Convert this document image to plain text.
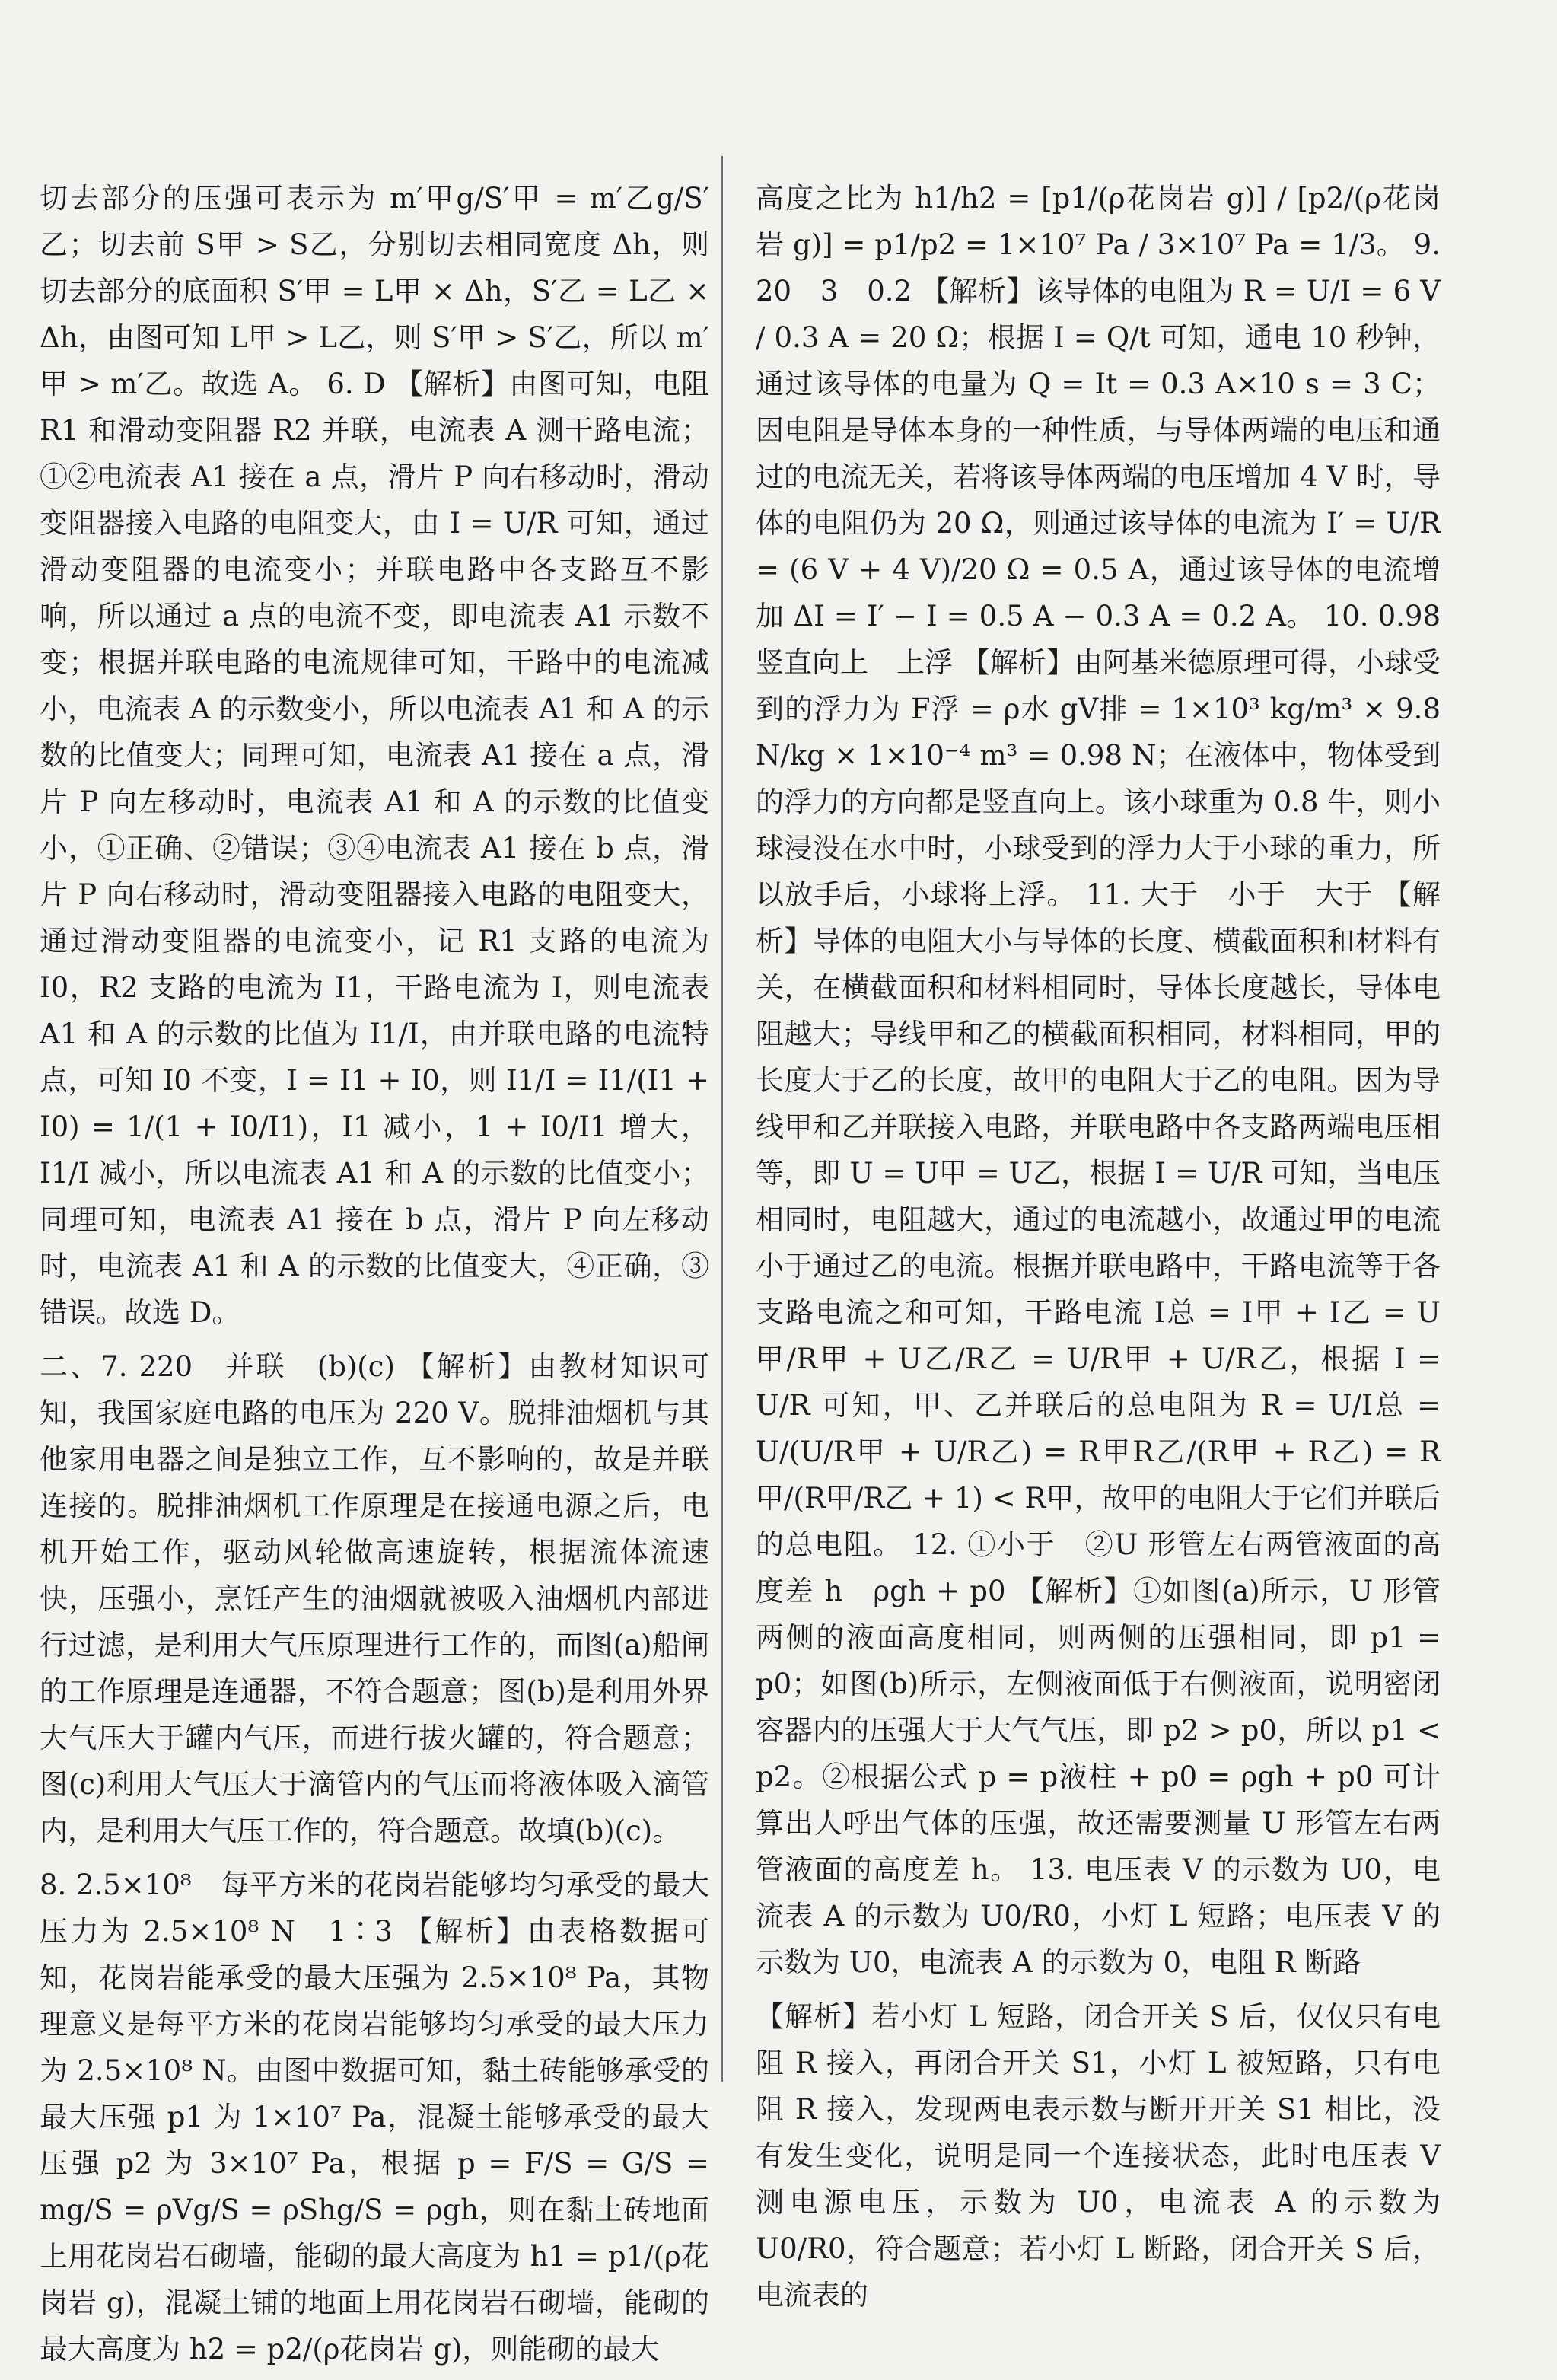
切去部分的压强可表示为 m′甲g/S′甲 = m′乙g/S′乙；切去前 S甲 > S乙，分别切去相同宽度 Δh，则切去部分的底面积 S′甲 = L甲 × Δh，S′乙 = L乙 × Δh，由图可知 L甲 > L乙，则 S′甲 > S′乙，所以 m′甲 > m′乙。故选 A。 6. D 【解析】由图可知，电阻 R1 和滑动变阻器 R2 并联，电流表 A 测干路电流；①②电流表 A1 接在 a 点，滑片 P 向右移动时，滑动变阻器接入电路的电阻变大，由 I = U/R 可知，通过滑动变阻器的电流变小；并联电路中各支路互不影响，所以通过 a 点的电流不变，即电流表 A1 示数不变；根据并联电路的电流规律可知，干路中的电流减小，电流表 A 的示数变小，所以电流表 A1 和 A 的示数的比值变大；同理可知，电流表 A1 接在 a 点，滑片 P 向左移动时，电流表 A1 和 A 的示数的比值变小，①正确、②错误；③④电流表 A1 接在 b 点，滑片 P 向右移动时，滑动变阻器接入电路的电阻变大，通过滑动变阻器的电流变小，记 R1 支路的电流为 I0，R2 支路的电流为 I1，干路电流为 I，则电流表 A1 和 A 的示数的比值为 I1/I，由并联电路的电流特点，可知 I0 不变，I = I1 + I0，则 I1/I = I1/(I1 + I0) = 1/(1 + I0/I1)，I1 减小，1 + I0/I1 增大，I1/I 减小，所以电流表 A1 和 A 的示数的比值变小；同理可知，电流表 A1 接在 b 点，滑片 P 向左移动时，电流表 A1 和 A 的示数的比值变大，④正确，③错误。故选 D。

二、7. 220　并联　(b)(c) 【解析】由教材知识可知，我国家庭电路的电压为 220 V。脱排油烟机与其他家用电器之间是独立工作，互不影响的，故是并联连接的。脱排油烟机工作原理是在接通电源之后，电机开始工作，驱动风轮做高速旋转，根据流体流速快，压强小，烹饪产生的油烟就被吸入油烟机内部进行过滤，是利用大气压原理进行工作的，而图(a)船闸的工作原理是连通器，不符合题意；图(b)是利用外界大气压大于罐内气压，而进行拔火罐的，符合题意；图(c)利用大气压大于滴管内的气压而将液体吸入滴管内，是利用大气压工作的，符合题意。故填(b)(c)。

8. 2.5×10⁸　每平方米的花岗岩能够均匀承受的最大压力为 2.5×10⁸ N　1∶3 【解析】由表格数据可知，花岗岩能承受的最大压强为 2.5×10⁸ Pa，其物理意义是每平方米的花岗岩能够均匀承受的最大压力为 2.5×10⁸ N。由图中数据可知，黏土砖能够承受的最大压强 p1 为 1×10⁷ Pa，混凝土能够承受的最大压强 p2 为 3×10⁷ Pa，根据 p = F/S = G/S = mg/S = ρVg/S = ρShg/S = ρgh，则在黏土砖地面上用花岗岩石砌墙，能砌的最大高度为 h1 = p1/(ρ花岗岩 g)，混凝土铺的地面上用花岗岩石砌墙，能砌的最大高度为 h2 = p2/(ρ花岗岩 g)，则能砌的最大

高度之比为 h1/h2 = [p1/(ρ花岗岩 g)] / [p2/(ρ花岗岩 g)] = p1/p2 = 1×10⁷ Pa / 3×10⁷ Pa = 1/3。 9. 20　3　0.2 【解析】该导体的电阻为 R = U/I = 6 V / 0.3 A = 20 Ω；根据 I = Q/t 可知，通电 10 秒钟，通过该导体的电量为 Q = It = 0.3 A×10 s = 3 C；因电阻是导体本身的一种性质，与导体两端的电压和通过的电流无关，若将该导体两端的电压增加 4 V 时，导体的电阻仍为 20 Ω，则通过该导体的电流为 I′ = U/R = (6 V + 4 V)/20 Ω = 0.5 A，通过该导体的电流增加 ΔI = I′ − I = 0.5 A − 0.3 A = 0.2 A。 10. 0.98　竖直向上　上浮 【解析】由阿基米德原理可得，小球受到的浮力为 F浮 = ρ水 gV排 = 1×10³ kg/m³ × 9.8 N/kg × 1×10⁻⁴ m³ = 0.98 N；在液体中，物体受到的浮力的方向都是竖直向上。该小球重为 0.8 牛，则小球浸没在水中时，小球受到的浮力大于小球的重力，所以放手后，小球将上浮。 11. 大于　小于　大于 【解析】导体的电阻大小与导体的长度、横截面积和材料有关，在横截面积和材料相同时，导体长度越长，导体电阻越大；导线甲和乙的横截面积相同，材料相同，甲的长度大于乙的长度，故甲的电阻大于乙的电阻。因为导线甲和乙并联接入电路，并联电路中各支路两端电压相等，即 U = U甲 = U乙，根据 I = U/R 可知，当电压相同时，电阻越大，通过的电流越小，故通过甲的电流小于通过乙的电流。根据并联电路中，干路电流等于各支路电流之和可知，干路电流 I总 = I甲 + I乙 = U甲/R甲 + U乙/R乙 = U/R甲 + U/R乙，根据 I = U/R 可知，甲、乙并联后的总电阻为 R = U/I总 = U/(U/R甲 + U/R乙) = R甲R乙/(R甲 + R乙) = R甲/(R甲/R乙 + 1) < R甲，故甲的电阻大于它们并联后的总电阻。 12. ①小于　②U 形管左右两管液面的高度差 h　ρgh + p0 【解析】①如图(a)所示，U 形管两侧的液面高度相同，则两侧的压强相同，即 p1 = p0；如图(b)所示，左侧液面低于右侧液面，说明密闭容器内的压强大于大气气压，即 p2 > p0，所以 p1 < p2。②根据公式 p = p液柱 + p0 = ρgh + p0 可计算出人呼出气体的压强，故还需要测量 U 形管左右两管液面的高度差 h。 13. 电压表 V 的示数为 U0，电流表 A 的示数为 U0/R0，小灯 L 短路；电压表 V 的示数为 U0，电流表 A 的示数为 0，电阻 R 断路

【解析】若小灯 L 短路，闭合开关 S 后，仅仅只有电阻 R 接入，再闭合开关 S1，小灯 L 被短路，只有电阻 R 接入，发现两电表示数与断开开关 S1 相比，没有发生变化，说明是同一个连接状态，此时电压表 V 测电源电压，示数为 U0，电流表 A 的示数为 U0/R0，符合题意；若小灯 L 断路，闭合开关 S 后，电流表的
